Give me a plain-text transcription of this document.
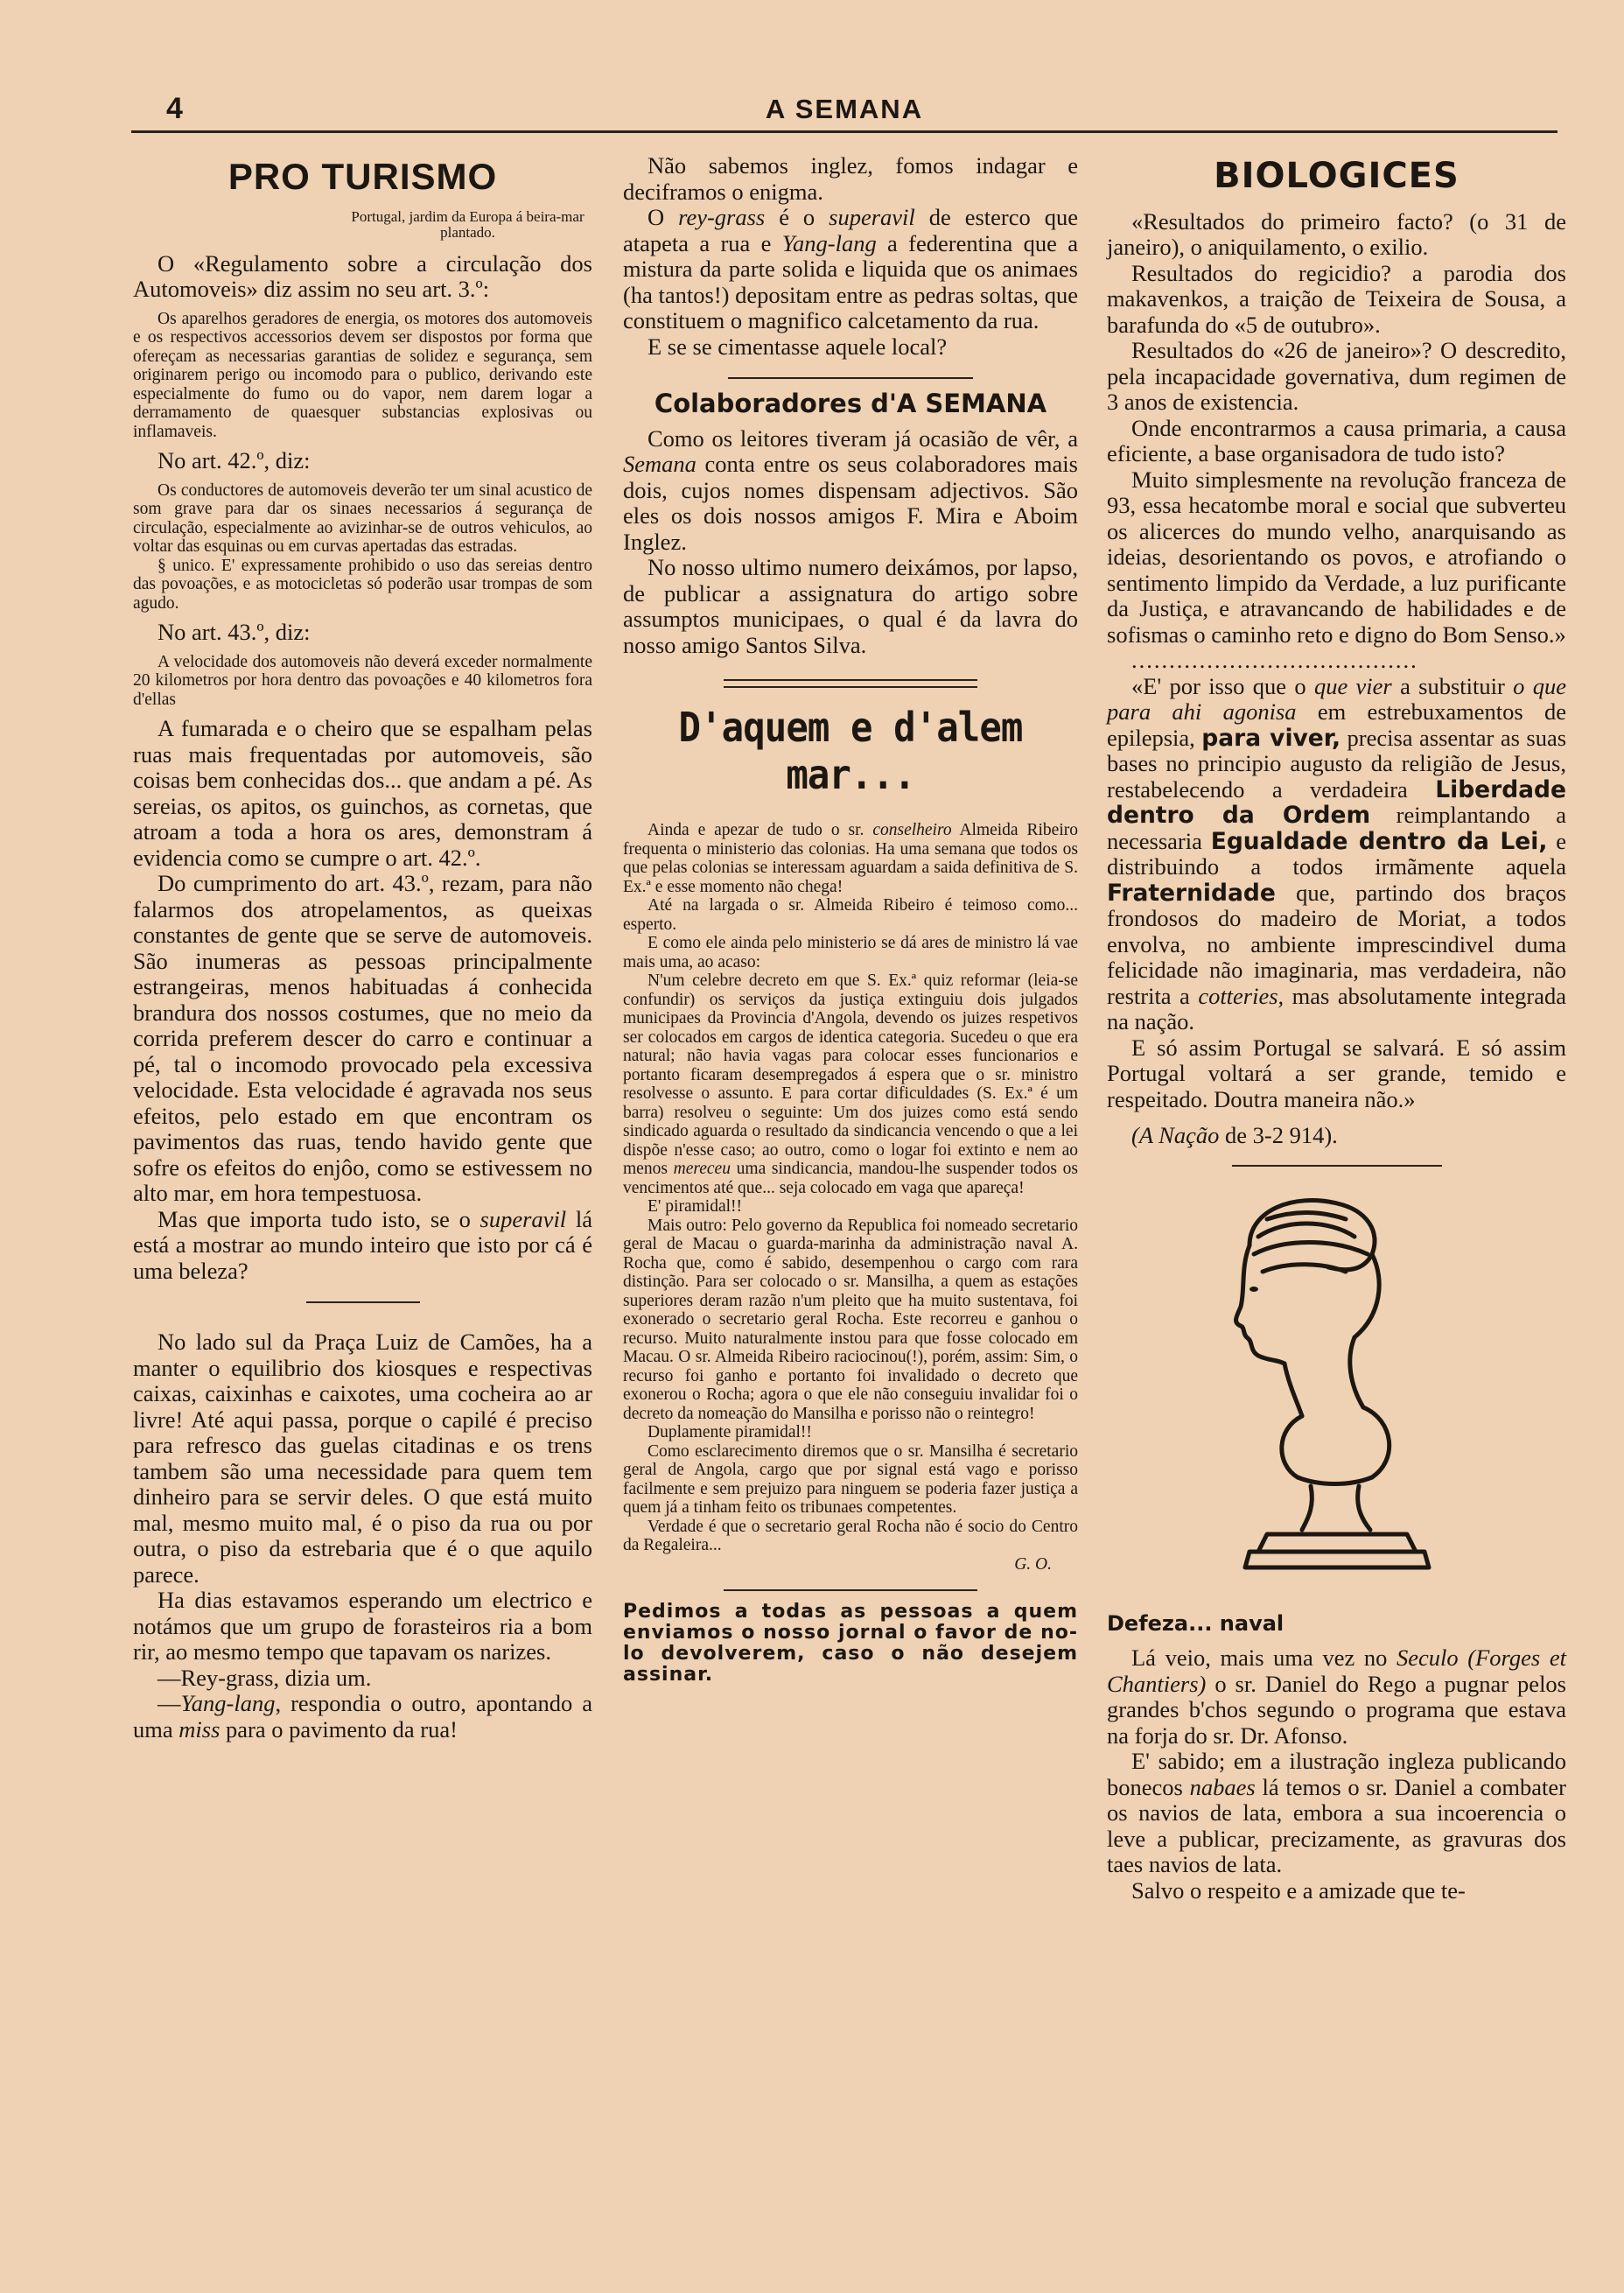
4	A SEMANA
PRO TURISMO
Portugal, jardim da Europa á beira-mar plantado.

O «Regulamento sobre a circulação dos Automoveis» diz assim no seu art. 3.º:

Os aparelhos geradores de energia, os motores dos automoveis e os respectivos accessorios devem ser dispostos por forma que ofereçam as necessarias garantias de solidez e segurança, sem originarem perigo ou incomodo para o publico, derivando este especialmente do fumo ou do vapor, nem darem logar a derramamento de quaesquer substancias explosivas ou inflamaveis.

No art. 42.º, diz:

Os conductores de automoveis deverão ter um sinal acustico de som grave para dar os sinaes necessarios á segurança de circulação, especialmente ao avizinhar-se de outros vehiculos, ao voltar das esquinas ou em curvas apertadas das estradas.

§ unico. E' expressamente prohibido o uso das sereias dentro das povoações, e as motocicletas só poderão usar trompas de som agudo.

No art. 43.º, diz:

A velocidade dos automoveis não deverá exceder normalmente 20 kilometros por hora dentro das povoações e 40 kilometros fora d'ellas

A fumarada e o cheiro que se espalham pelas ruas mais frequentadas por automoveis, são coisas bem conhecidas dos... que andam a pé. As sereias, os apitos, os guinchos, as cornetas, que atroam a toda a hora os ares, demonstram á evidencia como se cumpre o art. 42.º.

Do cumprimento do art. 43.º, rezam, para não falarmos dos atropelamentos, as queixas constantes de gente que se serve de automoveis. São inumeras as pessoas principalmente estrangeiras, menos habituadas á conhecida brandura dos nossos costumes, que no meio da corrida preferem descer do carro e continuar a pé, tal o incomodo provocado pela excessiva velocidade. Esta velocidade é agravada nos seus efeitos, pelo estado em que encontram os pavimentos das ruas, tendo havido gente que sofre os efeitos do enjôo, como se estivessem no alto mar, em hora tempestuosa.

Mas que importa tudo isto, se o superavil lá está a mostrar ao mundo inteiro que isto por cá é uma beleza?

No lado sul da Praça Luiz de Camões, ha a manter o equilibrio dos kiosques e respectivas caixas, caixinhas e caixotes, uma cocheira ao ar livre! Até aqui passa, porque o capilé é preciso para refresco das guelas citadinas e os trens tambem são uma necessidade para quem tem dinheiro para se servir deles. O que está muito mal, mesmo muito mal, é o piso da rua ou por outra, o piso da estrebaria que é o que aquilo parece.

Ha dias estavamos esperando um electrico e notámos que um grupo de forasteiros ria a bom rir, ao mesmo tempo que tapavam os narizes.

—Rey-grass, dizia um.

—Yang-lang, respondia o outro, apontando a uma miss para o pavimento da rua!

Não sabemos inglez, fomos indagar e deciframos o enigma.

O rey-grass é o superavil de esterco que atapeta a rua e Yang-lang a federentina que a mistura da parte solida e liquida que os animaes (ha tantos!) depositam entre as pedras soltas, que constituem o magnifico calcetamento da rua.

E se se cimentasse aquele local?

Colaboradores d'A SEMANA

Como os leitores tiveram já ocasião de vêr, a Semana conta entre os seus colaboradores mais dois, cujos nomes dispensam adjectivos. São eles os dois nossos amigos F. Mira e Aboim Inglez.

No nosso ultimo numero deixámos, por lapso, de publicar a assignatura do artigo sobre assumptos municipaes, o qual é da lavra do nosso amigo Santos Silva.

D'aquem e d'alem mar...

Ainda e apezar de tudo o sr. conselheiro Almeida Ribeiro frequenta o ministerio das colonias. Ha uma semana que todos os que pelas colonias se interessam aguardam a saida definitiva de S. Ex.ª e esse momento não chega!

Até na largada o sr. Almeida Ribeiro é teimoso como... esperto.

E como ele ainda pelo ministerio se dá ares de ministro lá vae mais uma, ao acaso:

N'um celebre decreto em que S. Ex.ª quiz reformar (leia-se confundir) os serviços da justiça extinguiu dois julgados municipaes da Provincia d'Angola, devendo os juizes respetivos ser colocados em cargos de identica categoria. Sucedeu o que era natural; não havia vagas para colocar esses funcionarios e portanto ficaram desempregados á espera que o sr. ministro resolvesse o assunto. E para cortar dificuldades (S. Ex.ª é um barra) resolveu o seguinte: Um dos juizes como está sendo sindicado aguarda o resultado da sindicancia vencendo o que a lei dispõe n'esse caso; ao outro, como o logar foi extinto e nem ao menos mereceu uma sindicancia, mandou-lhe suspender todos os vencimentos até que... seja colocado em vaga que apareça!

E' piramidal!!

Mais outro: Pelo governo da Republica foi nomeado secretario geral de Macau o guarda-marinha da administração naval A. Rocha que, como é sabido, desempenhou o cargo com rara distinção. Para ser colocado o sr. Mansilha, a quem as estações superiores deram razão n'um pleito que ha muito sustentava, foi exonerado o secretario geral Rocha. Este recorreu e ganhou o recurso. Muito naturalmente instou para que fosse colocado em Macau. O sr. Almeida Ribeiro raciocinou(!), porém, assim: Sim, o recurso foi ganho e portanto foi invalidado o decreto que exonerou o Rocha; agora o que ele não conseguiu invalidar foi o decreto da nomeação do Mansilha e porisso não o reintegro!

Duplamente piramidal!!

Como esclarecimento diremos que o sr. Mansilha é secretario geral de Angola, cargo que por signal está vago e porisso facilmente e sem prejuizo para ninguem se poderia fazer justiça a quem já a tinham feito os tribunaes competentes.

Verdade é que o secretario geral Rocha não é socio do Centro da Regaleira...

G. O.

Pedimos a todas as pessoas a quem enviamos o nosso jornal o favor de no-lo devolverem, caso o não desejem assinar.
BIOLOGICES

«Resultados do primeiro facto? (o 31 de janeiro), o aniquilamento, o exilio.

Resultados do regicidio? a parodia dos makavenkos, a traição de Teixeira de Sousa, a barafunda do «5 de outubro».

Resultados do «26 de janeiro»? O descredito, pela incapacidade governativa, dum regimen de 3 anos de existencia.

Onde encontrarmos a causa primaria, a causa eficiente, a base organisadora de tudo isto?

Muito simplesmente na revolução franceza de 93, essa hecatombe moral e social que subverteu os alicerces do mundo velho, anarquisando as ideias, desorientando os povos, e atrofiando o sentimento limpido da Verdade, a luz purificante da Justiça, e atravancando de habilidades e de sofismas o caminho reto e digno do Bom Senso.»

......................................

«E' por isso que o que vier a substituir o que para ahi agonisa em estrebuxamentos de epilepsia, para viver, precisa assentar as suas bases no principio augusto da religião de Jesus, restabelecendo a verdadeira Liberdade dentro da Ordem reimplantando a necessaria Egualdade dentro da Lei, e distribuindo a todos irmãmente aquela Fraternidade que, partindo dos braços frondosos do madeiro de Moriat, a todos envolva, no ambiente imprescindivel duma felicidade não imaginaria, mas verdadeira, não restrita a cotteries, mas absolutamente integrada na nação.

E só assim Portugal se salvará. E só assim Portugal voltará a ser grande, temido e respeitado. Doutra maneira não.»

(A Nação de 3-2 914).

Defeza... naval

Lá veio, mais uma vez no Seculo (Forges et Chantiers) o sr. Daniel do Rego a pugnar pelos grandes b'chos segundo o programa que estava na forja do sr. Dr. Afonso.

E' sabido; em a ilustração ingleza publicando bonecos nabaes lá temos o sr. Daniel a combater os navios de lata, embora a sua incoerencia o leve a publicar, precizamente, as gravuras dos taes navios de lata.

Salvo o respeito e a amizade que te-
